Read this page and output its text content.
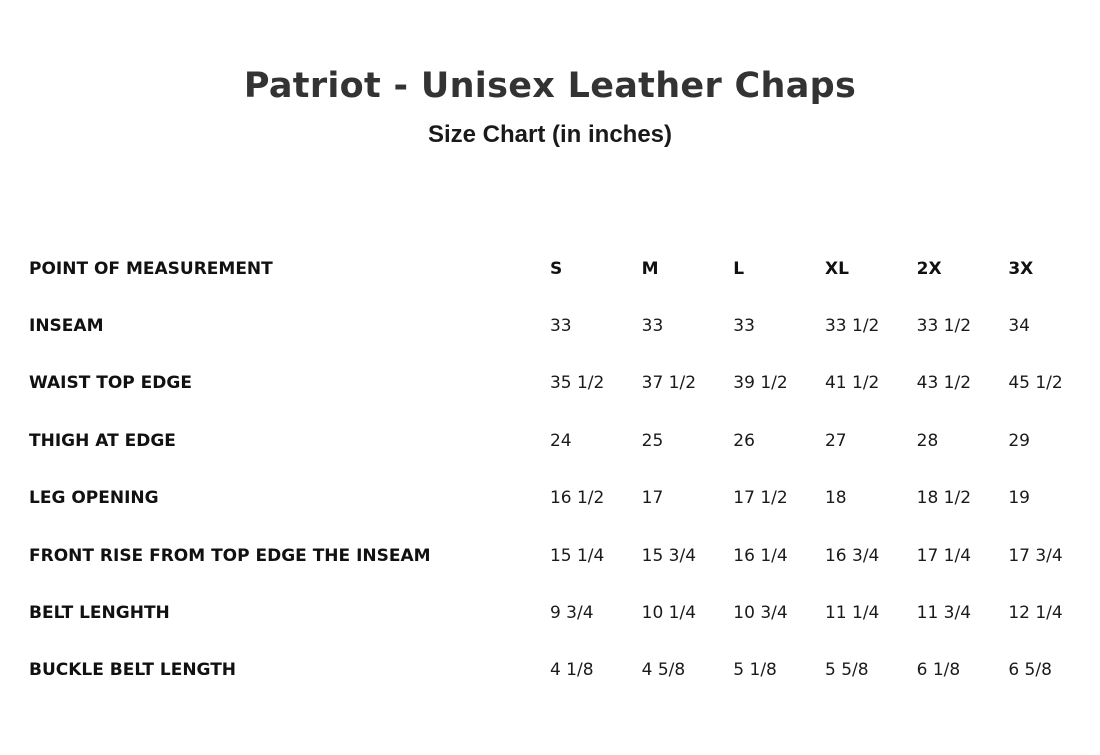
Patriot - Unisex Leather Chaps
Size Chart (in inches)
POINT OF MEASUREMENT	S	M	L	XL	2X	3X
INSEAM	33	33	33	33 1/2	33 1/2	34
WAIST TOP EDGE	35 1/2	37 1/2	39 1/2	41 1/2	43 1/2	45 1/2
THIGH AT EDGE	24	25	26	27	28	29
LEG OPENING	16 1/2	17	17 1/2	18	18 1/2	19
FRONT RISE FROM TOP EDGE THE INSEAM	15 1/4	15 3/4	16 1/4	16 3/4	17 1/4	17 3/4
BELT LENGHTH	9 3/4	10 1/4	10 3/4	11 1/4	11 3/4	12 1/4
BUCKLE BELT LENGTH	4 1/8	4 5/8	5 1/8	5 5/8	6 1/8	6 5/8
